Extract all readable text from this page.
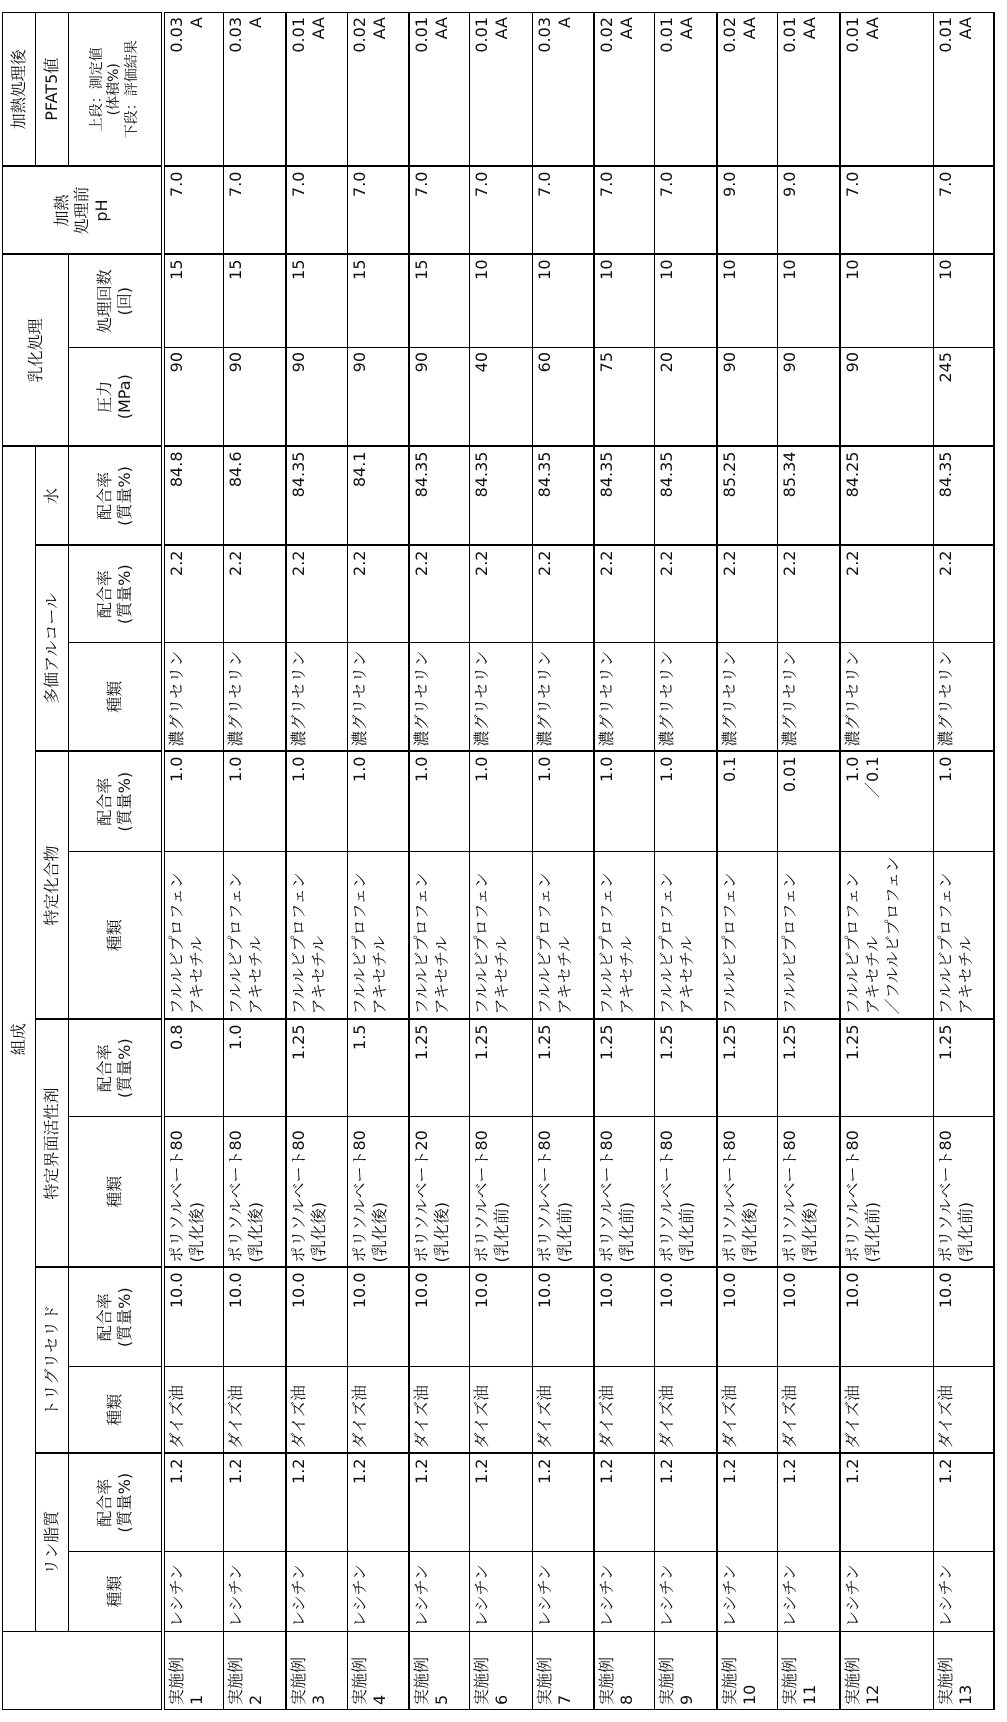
	組成	乳化処理	加熱
処理前
pH	加熱処理後
リン脂質	トリグリセリド	特定界面活性剤	特定化合物	多価アルコール	水	PFAT5値
種類	配合率
(質量%)	種類	配合率
(質量%)	種類	配合率
(質量%)	種類	配合率
(質量%)	種類	配合率
(質量%)	配合率
(質量%)	圧力
(MPa)	処理回数
(回)	上段：測定値
(体積%)
下段：評価結果
実施例
1	レシチン	1.2	ダイズ油	10.0	ポリソルベート80
(乳化後)	0.8	フルルビプロフェン
アキセチル	1.0	濃グリセリン	2.2	84.8	90	15	7.0	0.03
A
実施例
2	レシチン	1.2	ダイズ油	10.0	ポリソルベート80
(乳化後)	1.0	フルルビプロフェン
アキセチル	1.0	濃グリセリン	2.2	84.6	90	15	7.0	0.03
A
実施例
3	レシチン	1.2	ダイズ油	10.0	ポリソルベート80
(乳化後)	1.25	フルルビプロフェン
アキセチル	1.0	濃グリセリン	2.2	84.35	90	15	7.0	0.01
AA
実施例
4	レシチン	1.2	ダイズ油	10.0	ポリソルベート80
(乳化後)	1.5	フルルビプロフェン
アキセチル	1.0	濃グリセリン	2.2	84.1	90	15	7.0	0.02
AA
実施例
5	レシチン	1.2	ダイズ油	10.0	ポリソルベート20
(乳化後)	1.25	フルルビプロフェン
アキセチル	1.0	濃グリセリン	2.2	84.35	90	15	7.0	0.01
AA
実施例
6	レシチン	1.2	ダイズ油	10.0	ポリソルベート80
(乳化前)	1.25	フルルビプロフェン
アキセチル	1.0	濃グリセリン	2.2	84.35	40	10	7.0	0.01
AA
実施例
7	レシチン	1.2	ダイズ油	10.0	ポリソルベート80
(乳化前)	1.25	フルルビプロフェン
アキセチル	1.0	濃グリセリン	2.2	84.35	60	10	7.0	0.03
A
実施例
8	レシチン	1.2	ダイズ油	10.0	ポリソルベート80
(乳化前)	1.25	フルルビプロフェン
アキセチル	1.0	濃グリセリン	2.2	84.35	75	10	7.0	0.02
AA
実施例
9	レシチン	1.2	ダイズ油	10.0	ポリソルベート80
(乳化前)	1.25	フルルビプロフェン
アキセチル	1.0	濃グリセリン	2.2	84.35	20	10	7.0	0.01
AA
実施例
10	レシチン	1.2	ダイズ油	10.0	ポリソルベート80
(乳化後)	1.25	フルルビプロフェン	0.1	濃グリセリン	2.2	85.25	90	10	9.0	0.02
AA
実施例
11	レシチン	1.2	ダイズ油	10.0	ポリソルベート80
(乳化後)	1.25	フルルビプロフェン	0.01	濃グリセリン	2.2	85.34	90	10	9.0	0.01
AA
実施例
12	レシチン	1.2	ダイズ油	10.0	ポリソルベート80
(乳化前)	1.25	フルルビプロフェン
アキセチル
／フルルビプロフェン	1.0
／0.1	濃グリセリン	2.2	84.25	90	10	7.0	0.01
AA
実施例
13	レシチン	1.2	ダイズ油	10.0	ポリソルベート80
(乳化前)	1.25	フルルビプロフェン
アキセチル	1.0	濃グリセリン	2.2	84.35	245	10	7.0	0.01
AA
